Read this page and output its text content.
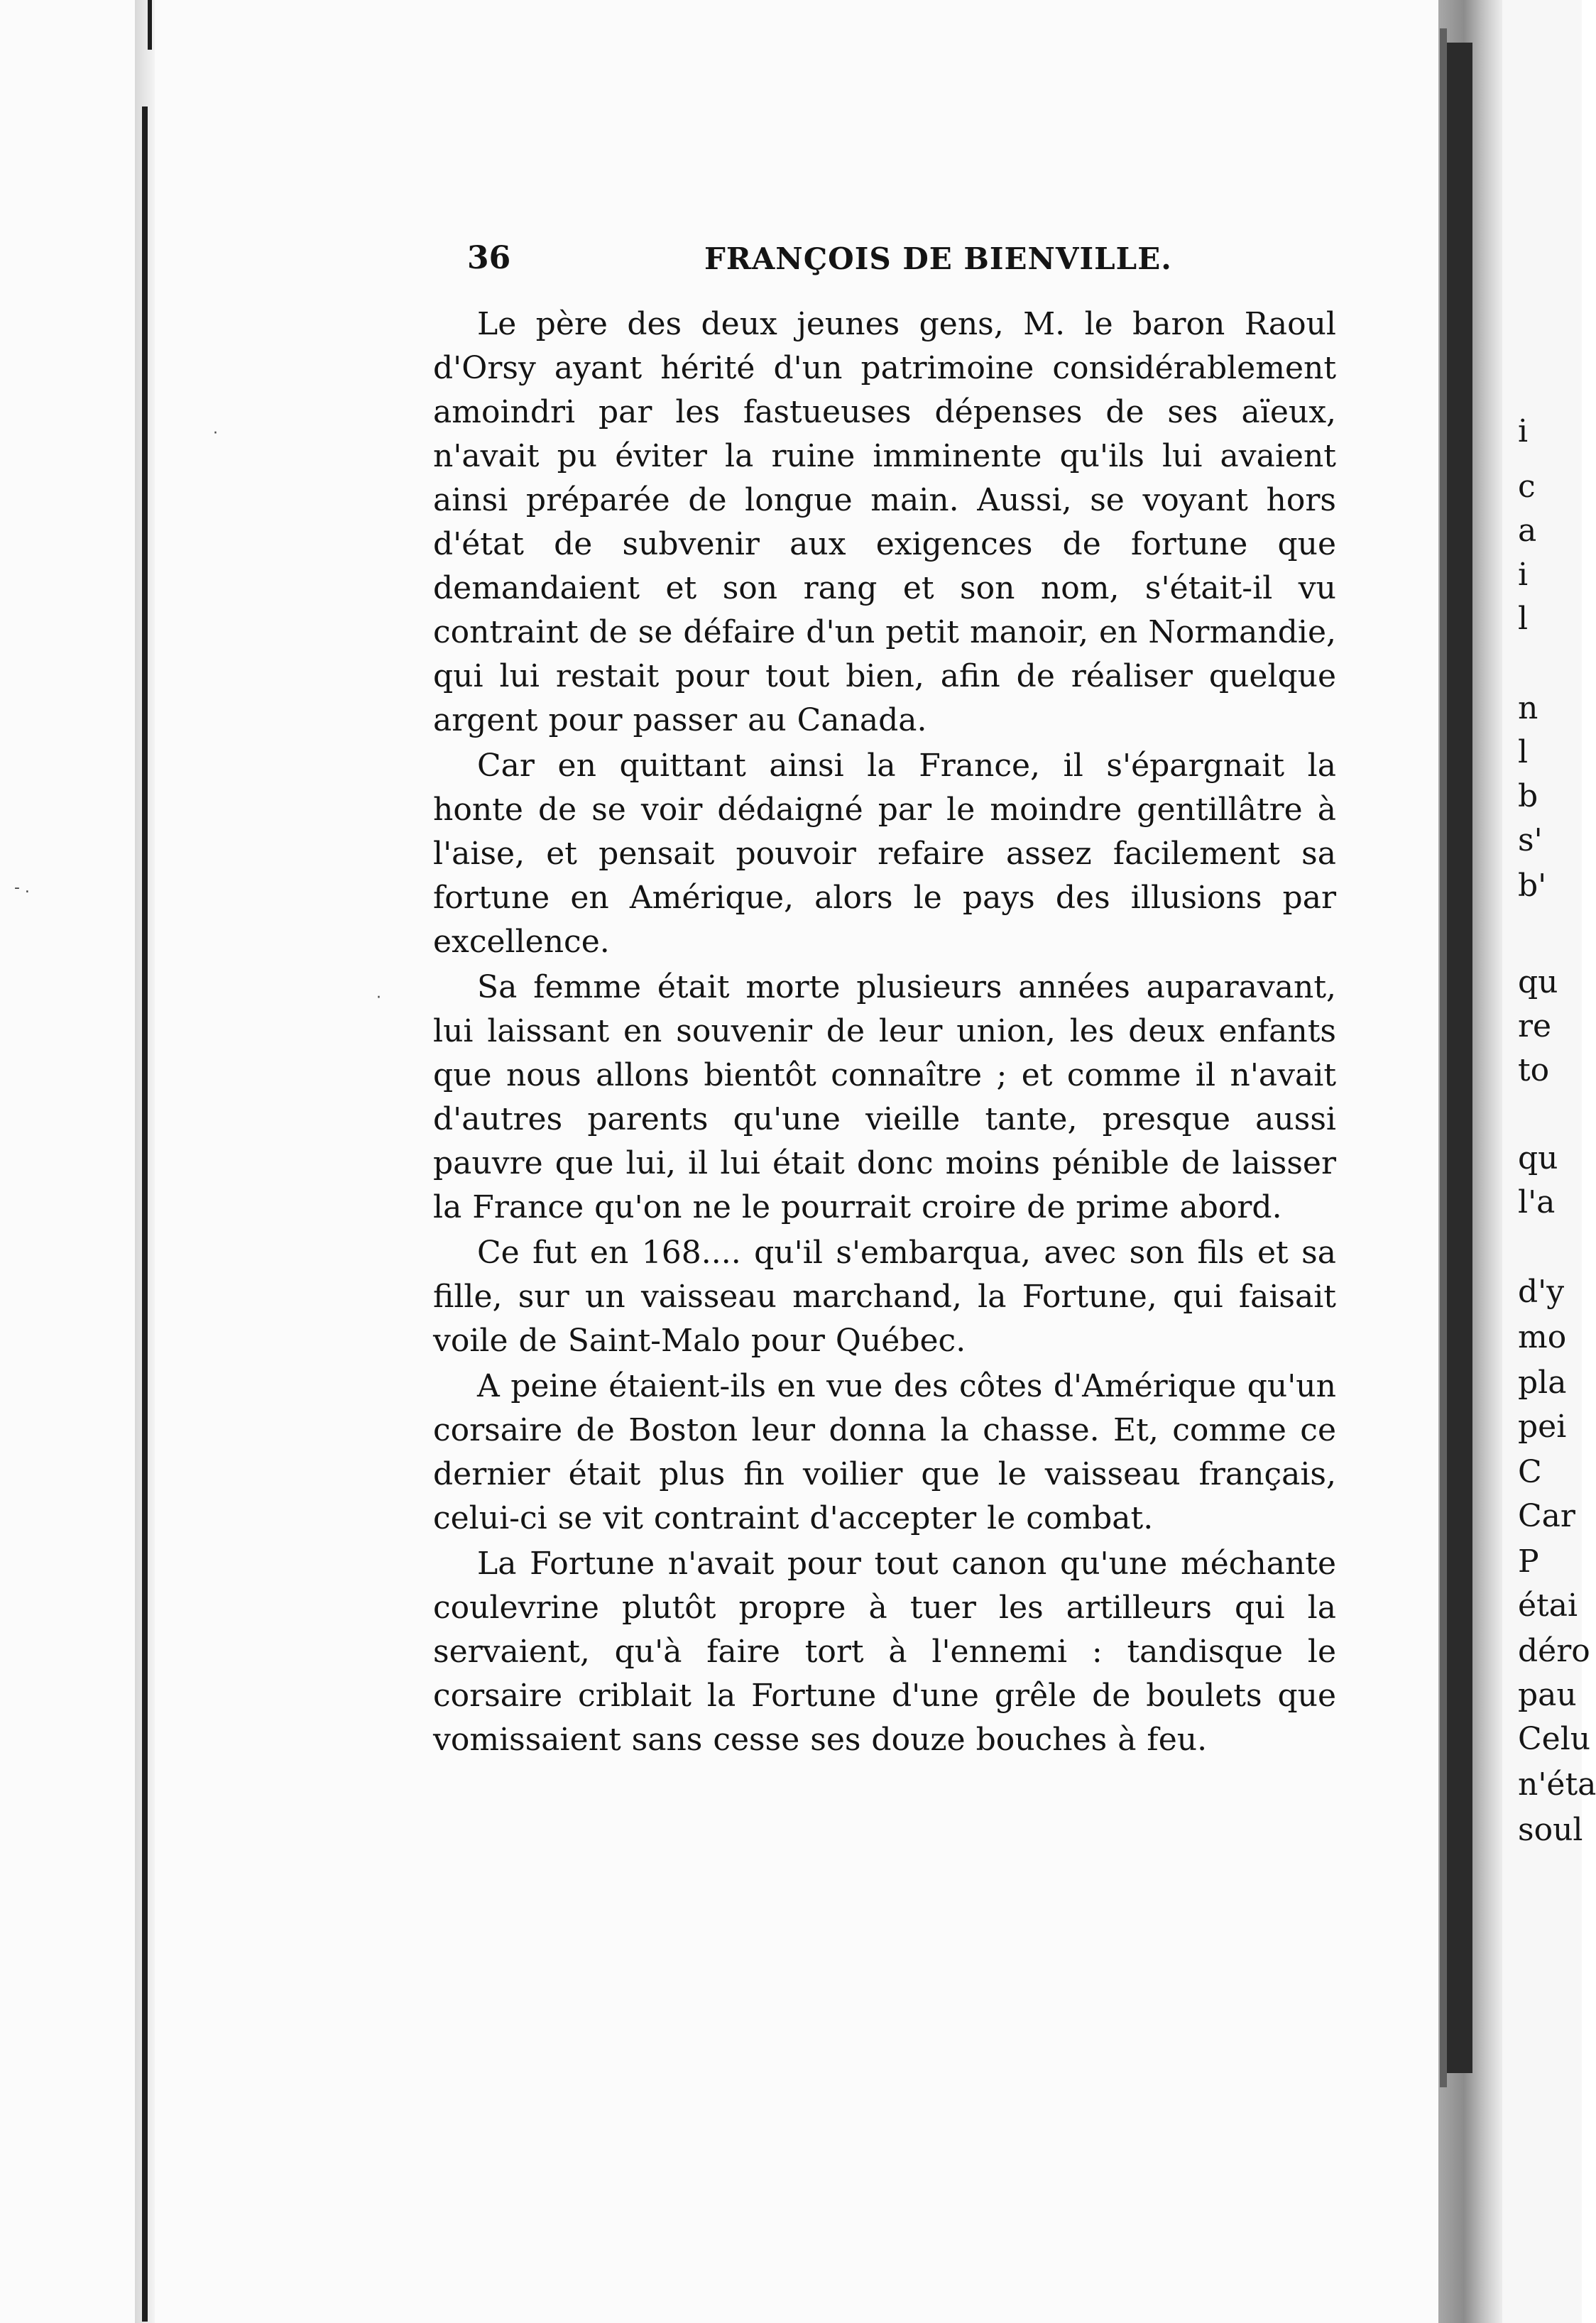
·
- .
·
36	FRANÇOIS DE BIENVILLE.

Le père des deux jeunes gens, M. le baron Raoul d'Orsy ayant hérité d'un patrimoine considérablement amoindri par les fastueuses dépenses de ses aïeux, n'avait pu éviter la ruine imminente qu'ils lui avaient ainsi préparée de longue main. Aussi, se voyant hors d'état de subvenir aux exigences de fortune que demandaient et son rang et son nom, s'était-il vu contraint de se défaire d'un petit manoir, en Normandie, qui lui restait pour tout bien, afin de réaliser quelque argent pour passer au Canada.

Car en quittant ainsi la France, il s'épargnait la honte de se voir dédaigné par le moindre gentillâtre à l'aise, et pensait pouvoir refaire assez facilement sa fortune en Amérique, alors le pays des illusions par excellence.

Sa femme était morte plusieurs années auparavant, lui laissant en souvenir de leur union, les deux enfants que nous allons bientôt connaître ; et comme il n'avait d'autres parents qu'une vieille tante, presque aussi pauvre que lui, il lui était donc moins pénible de laisser la France qu'on ne le pourrait croire de prime abord.

Ce fut en 168.... qu'il s'embarqua, avec son fils et sa fille, sur un vaisseau marchand, la Fortune, qui faisait voile de Saint-Malo pour Québec.

A peine étaient-ils en vue des côtes d'Amérique qu'un corsaire de Boston leur donna la chasse. Et, comme ce dernier était plus fin voilier que le vaisseau français, celui-ci se vit contraint d'accepter le combat.

La Fortune n'avait pour tout canon qu'une méchante coulevrine plutôt propre à tuer les artilleurs qui la servaient, qu'à faire tort à l'ennemi : tandisque le corsaire criblait la Fortune d'une grêle de boulets que vomissaient sans cesse ses douze bouches à feu.

i
c
a
i
l
n
l
b
s'
b'
qu
re
to
qu
l'a
d'y
mo
pla
pei
C
Car
P
étai
déro
pau
Celu
n'éta
soul
